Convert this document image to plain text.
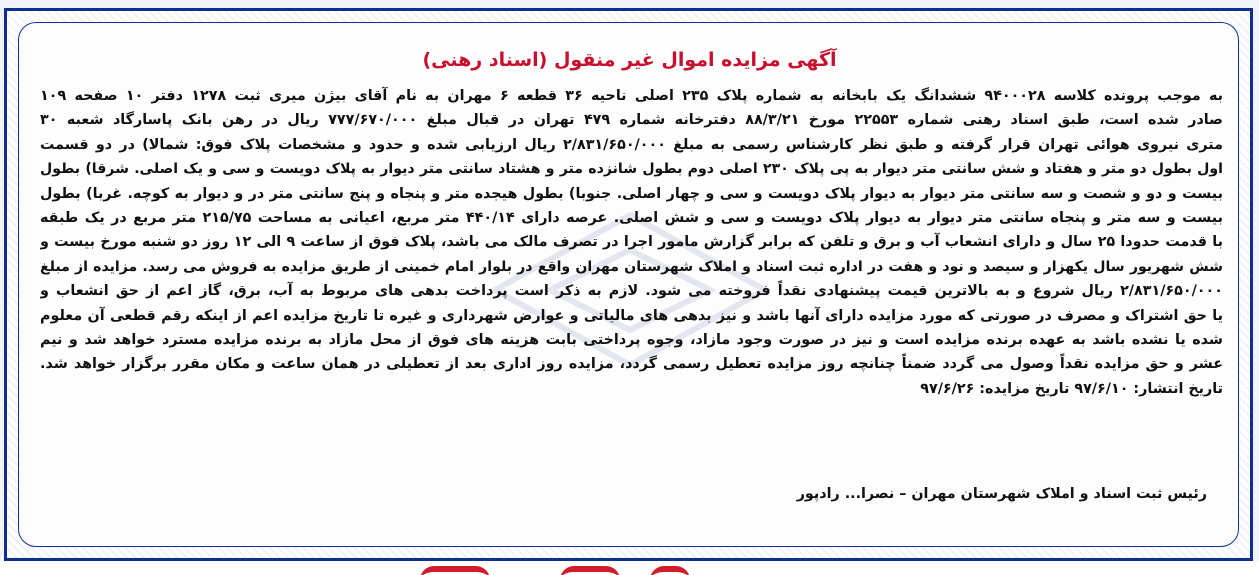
آگهی مزایده اموال غیر منقول (اسناد رهنی)
به موجب پرونده کلاسه ۹۴۰۰۰۲۸ ششدانگ یک بابخانه به شماره پلاک ۲۳۵ اصلی ناحیه ۳۶ قطعه ۶ مهران به نام آقای بیژن میری ثبت ۱۲۷۸ دفتر ۱۰ صفحه ۱۰۹
صادر شده است، طبق اسناد رهنی شماره ۲۲۵۵۳ مورخ ۸۸/۳/۲۱ دفترخانه شماره ۴۷۹ تهران در قبال مبلغ ۷۷۷/۶۷۰/۰۰۰ ریال در رهن بانک پاسارگاد شعبه ۳۰
متری نیروی هوائی تهران قرار گرفته و طبق نظر کارشناس رسمی به مبلغ ۲/۸۳۱/۶۵۰/۰۰۰ ریال ارزیابی شده و حدود و مشخصات پلاک فوق: شمالا) در دو قسمت
اول بطول دو متر و هفتاد و شش سانتی متر دیوار به پی پلاک ۲۳۰ اصلی دوم بطول شانزده متر و هشتاد سانتی متر دیوار به پلاک دویست و سی و یک اصلی. شرقا) بطول
بیست و دو و شصت و سه سانتی متر دیوار به دیوار پلاک دویست و سی و چهار اصلی. جنوبا) بطول هیجده متر و پنجاه و پنج سانتی متر در و دیوار به کوچه. غربا) بطول
بیست و سه متر و پنجاه سانتی متر دیوار به دیوار پلاک دویست و سی و شش اصلی. عرصه دارای ۴۴۰/۱۴ متر مربع، اعیانی به مساحت ۲۱۵/۷۵ متر مربع در یک طبقه
با قدمت حدودا ۲۵ سال و دارای انشعاب آب و برق و تلفن که برابر گزارش مامور اجرا در تصرف مالک می باشد، پلاک فوق از ساعت ۹ الی ۱۲ روز دو شنبه مورخ بیست و
شش شهریور سال یکهزار و سیصد و نود و هفت در اداره ثبت اسناد و املاک شهرستان مهران واقع در بلوار امام خمینی از طریق مزایده به فروش می رسد. مزایده از مبلغ
۲/۸۳۱/۶۵۰/۰۰۰ ریال شروع و به بالاترین قیمت پیشنهادی نقداً فروخته می شود. لازم به ذکر است پرداخت بدهی های مربوط به آب، برق، گاز اعم از حق انشعاب و
یا حق اشتراک و مصرف در صورتی که مورد مزایده دارای آنها باشد و نیز بدهی های مالیاتی و عوارض شهرداری و غیره تا تاریخ مزایده اعم از اینکه رقم قطعی آن معلوم
شده یا نشده باشد به عهده برنده مزایده است و نیز در صورت وجود مازاد، وجوه پرداختی بابت هزینه های فوق از محل مازاد به برنده مزایده مسترد خواهد شد و نیم
عشر و حق مزایده نقداً وصول می گردد ضمناً چنانچه روز مزایده تعطیل رسمی گردد، مزایده روز اداری بعد از تعطیلی در همان ساعت و مکان مقرر برگزار خواهد شد.
تاریخ انتشار: ۹۷/۶/۱۰ تاریخ مزایده: ۹۷/۶/۲۶
رئیس ثبت اسناد و املاک شهرستان مهران – نصرا... رادپور
